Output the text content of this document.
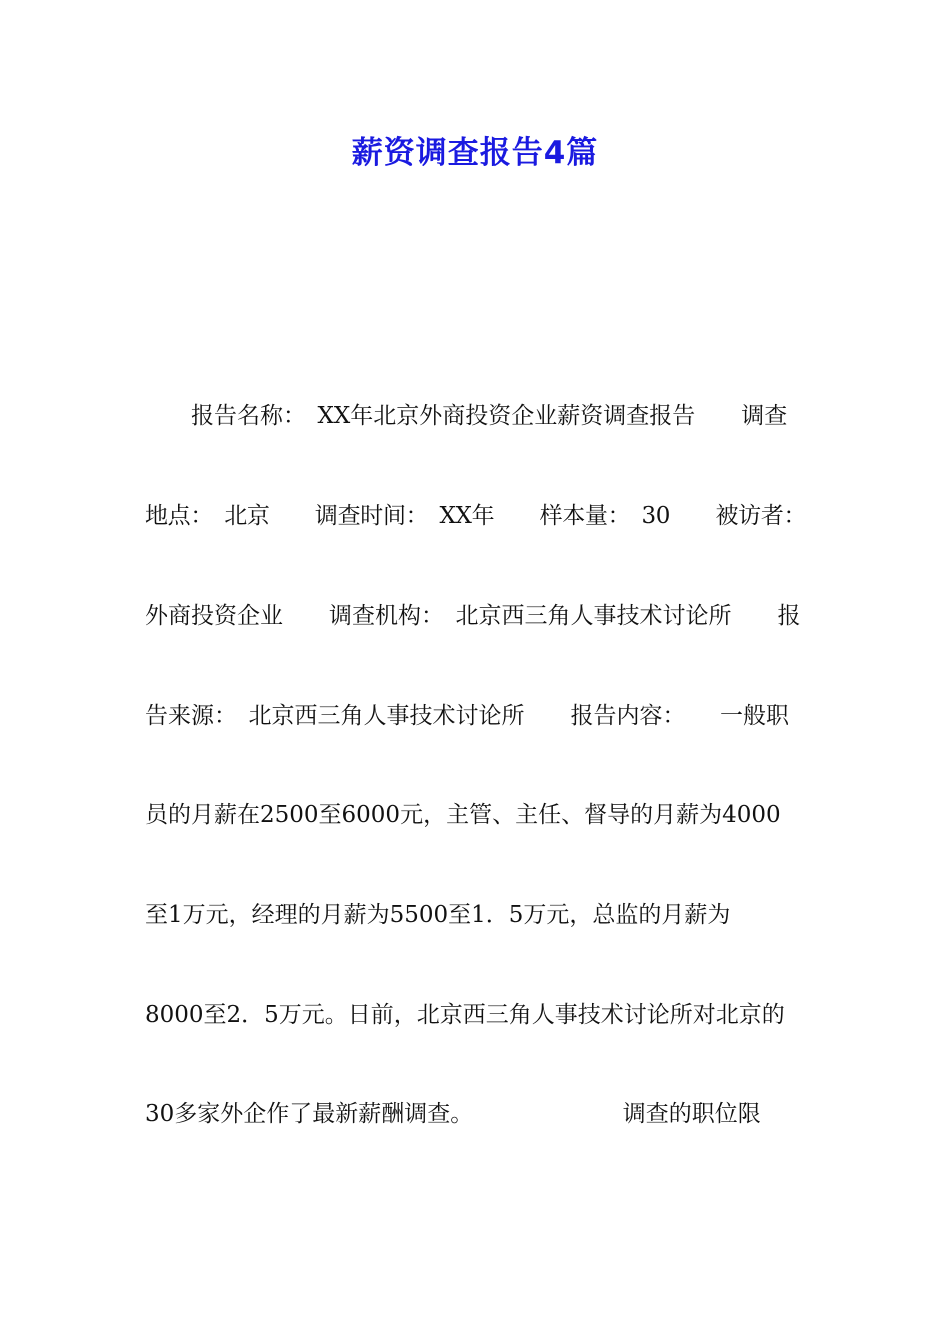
薪资调查报告4篇
　　报告名称：　XX年北京外商投资企业薪资调查报告　　调查
地点：　北京　　调查时间：　XX年　　样本量：　30　　被访者：
外商投资企业　　调查机构：　北京西三角人事技术讨论所　　报
告来源：　北京西三角人事技术讨论所　　报告内容：　　一般职
员的月薪在2500至6000元，主管、主任、督导的月薪为4000
至1万元，经理的月薪为5500至1．5万元，总监的月薪为
8000至2．5万元。日前，北京西三角人事技术讨论所对北京的
30多家外企作了最新薪酬调查。　　　　　　　调查的职位限
